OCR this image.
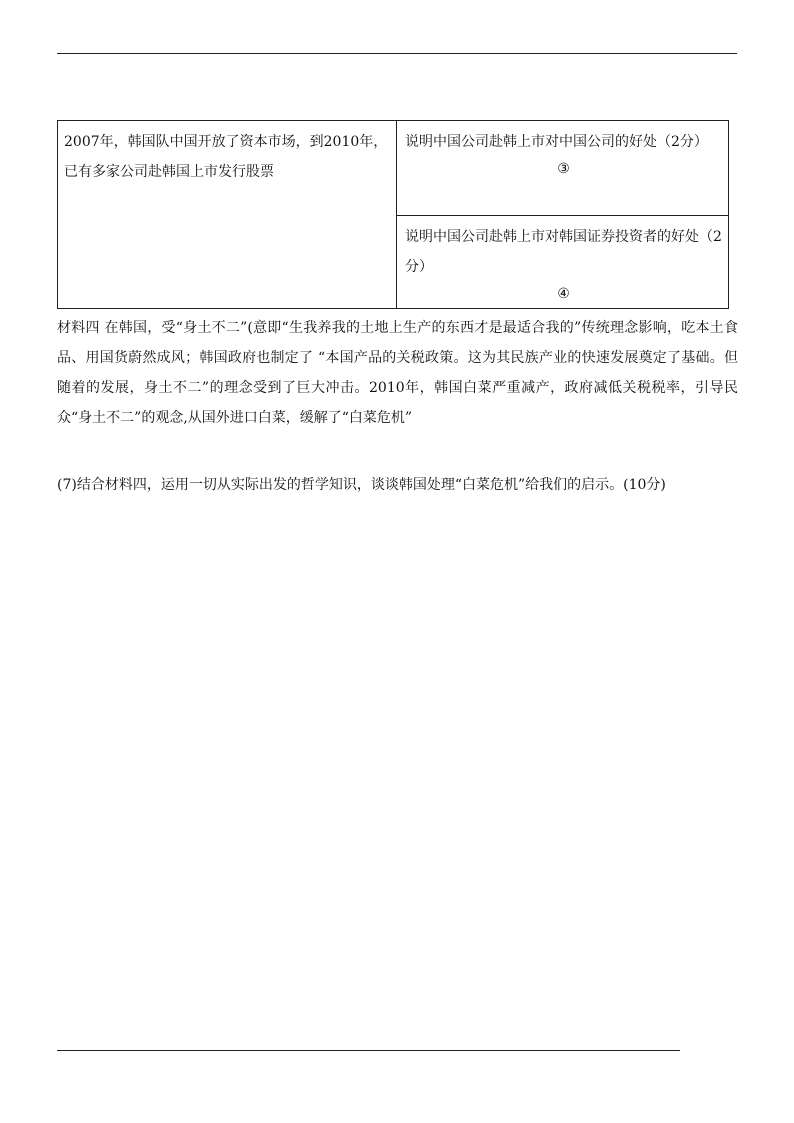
2007年，韩国队中国开放了资本市场，到2010年，已有多家公司赴韩国上市发行股票
说明中国公司赴韩上市对中国公司的好处（2分）
③
说明中国公司赴韩上市对韩国证券投资者的好处（2分）
④
材料四 在韩国，受“身土不二”(意即“生我养我的土地上生产的东西才是最适合我的”传统理念影响，吃本土食品、用国货蔚然成风；韩国政府也制定了 “本国产品的关税政策。这为其民族产业的快速发展奠定了基础。但随着的发展，身土不二”的理念受到了巨大冲击。2010年，韩国白菜严重减产，政府减低关税税率，引导民众“身土不二”的观念,从国外进口白菜，缓解了“白菜危机”
(7)结合材料四，运用一切从实际出发的哲学知识，谈谈韩国处理“白菜危机”给我们的启示。(10分)
